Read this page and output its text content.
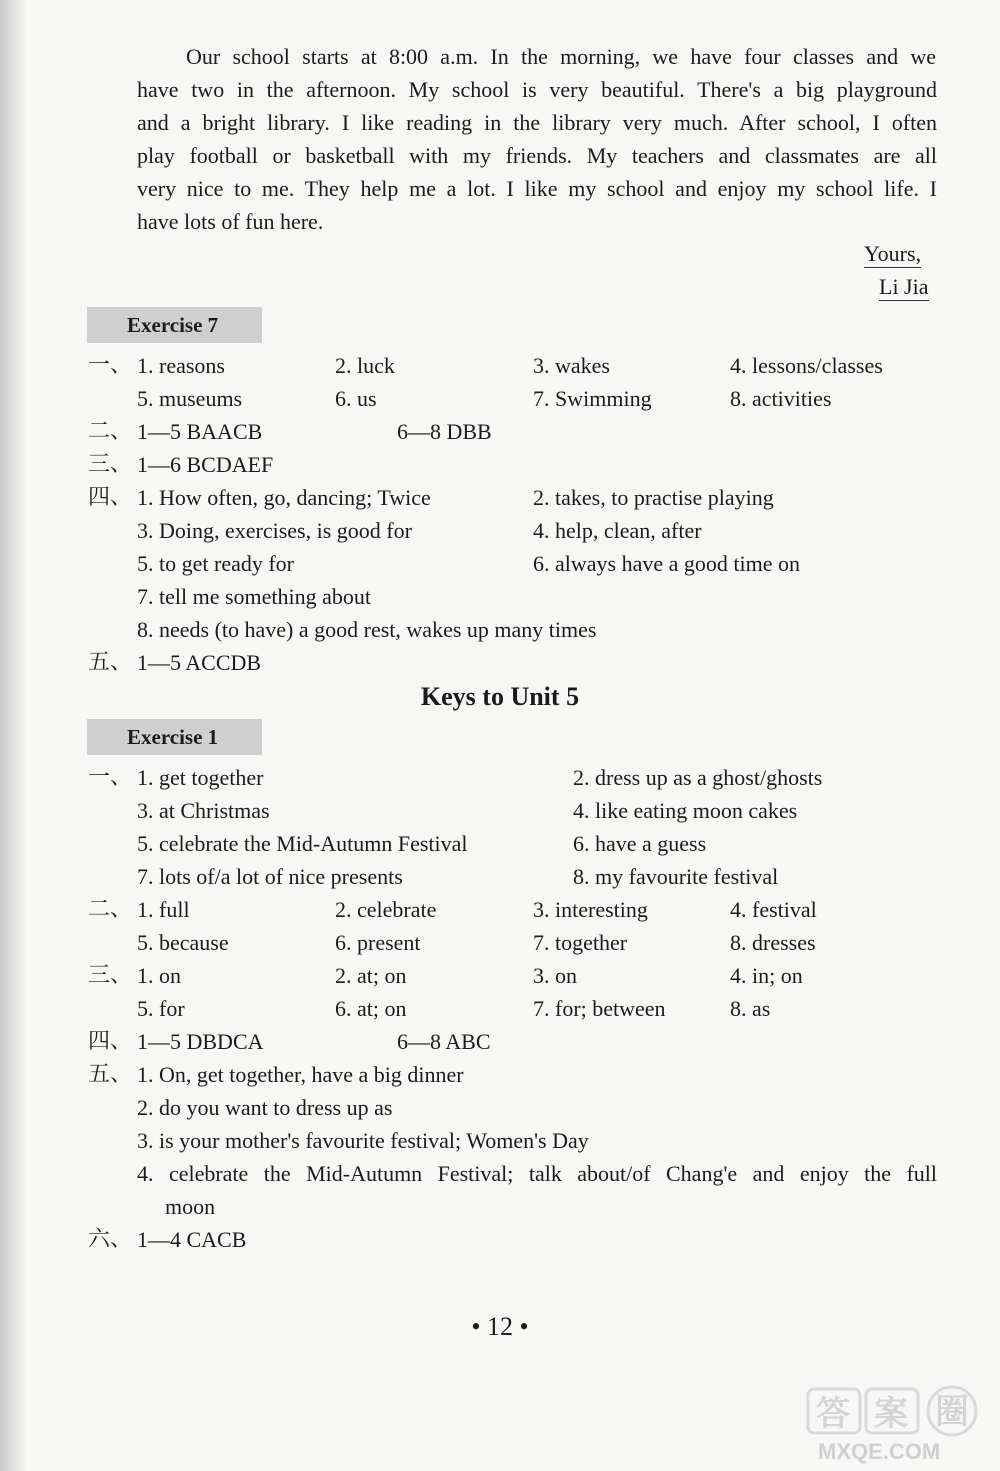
Our school starts at 8:00 a.m. In the morning, we have four classes and we
have two in the afternoon. My school is very beautiful. There's a big playground
and a bright library. I like reading in the library very much. After school, I often
play football or basketball with my friends. My teachers and classmates are all
very nice to me. They help me a lot. I like my school and enjoy my school life. I
have lots of fun here.
Yours,
Li Jia
Exercise 7
一、 1. reasons	2. luck	3. wakes	4. lessons/classes
5. museums	6. us	7. Swimming	8. activities
二、 1—5 BAACB	6—8 DBB
三、 1—6 BCDAEF
四、 1. How often, go, dancing; Twice	2. takes, to practise playing
3. Doing, exercises, is good for	4. help, clean, after
5. to get ready for	6. always have a good time on
7. tell me something about
8. needs (to have) a good rest, wakes up many times
五、 1—5 ACCDB
Keys to Unit 5
Exercise 1
一、 1. get together	2. dress up as a ghost/ghosts
3. at Christmas	4. like eating moon cakes
5. celebrate the Mid-Autumn Festival	6. have a guess
7. lots of/a lot of nice presents	8. my favourite festival
二、 1. full	2. celebrate	3. interesting	4. festival
5. because	6. present	7. together	8. dresses
三、 1. on	2. at; on	3. on	4. in; on
5. for	6. at; on	7. for; between	8. as
四、 1—5 DBDCA	6—8 ABC
五、 1. On, get together, have a big dinner
2. do you want to dress up as
3. is your mother's favourite festival; Women's Day
4. celebrate the Mid-Autumn Festival; talk about/of Chang'e and enjoy the full
moon
六、 1—4 CACB
• 12 •
答 案 圈
MXQE.COM
